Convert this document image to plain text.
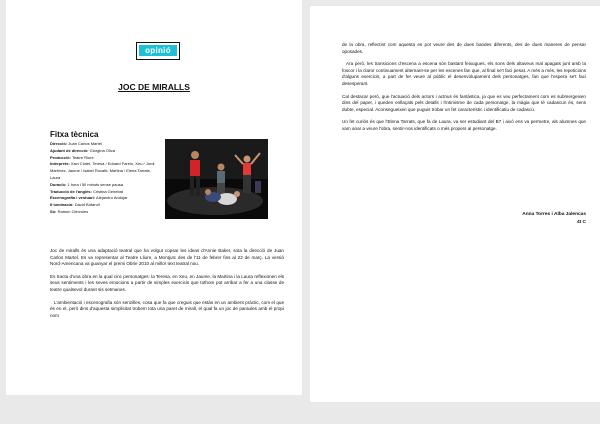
opinió
JOC DE MIRALLS
Fitxa tècnica
Direcció: Juan Carlos Martel
Ajudant de direcció: Giorgina Oliva
Producció: Teatre Riure
Intèrprets: Xavi Clotet, Teresa / Eduard Farelo, Xeu / Jordi Martínez, Jaume / Isabel Rocatti, Martina / Elena Tarrats, Laura
Duració: 1 hora i 50 minuts sense pausa
Traducció de l'anglès: Cristina Genebat
Escenografia i vestuari: Alejandro Andújar
Il·luminació: David Bofarull
So: Ramon Ciércoles

Joc de miralls és una adaptació teatral que ha volgut copsar les ideas d'Annie Baker, sota la direcció de Juan Carlos Martel. Es va representar al Teatre Lliure, a Montjuïc des de l'11 de febrer fins al 22 de març. La versió Nord-Americana va guanyar el premi Obrie 2010 al millor text teatral nou.

Es tracta d'una obra en la qual cinc personatges: la Teresa, en Xeu, en Jaume, la Martina i la Laura reflexionen els seus sentiments i les seves emocions a partir de simples exercicis que tothom pot arribar a fer a una classe de teatre qualsevol durant sis setmanes.

L'ambientació i escenografia són senzilles, cosa que fa que creguis que estàs en un ambient pràctic, com el que és en el, però dins d'aquesta simplicitat trobem tota una paret de mirall, el qual fa un joc de paraules amb el propi nom

de la obra, reflectint com aquesta es pot veure des de dues bandes diferents, des de dues maneres de pensar oposades.

Ara però, les transicions d'escena a escena són bastant feixugues, els sons dels altaveus mal apagats junt amb la foscor i la claror continuament alternant-se per les escenes fan que, al final se't faci pesat. A més a més, les repeticions d'alguns exercicis, a part de fer veure al públic el desenvolupament dels personatges, fan que l'espera se't faci desesperant.

Cal destacar però, que l'actuació dels actors i actrius és fantàstica, ja que es veu perfectament com es submergeixen dins del paper, i queden enllaçats pels detalls i l'intimisme de cada personatge, la màgia que té cadascun és, sens dubte, especial. Aconsegueixen que puguis trobar un fet característic i identificatiu de cadascú.

Un fet curiós és que l'Elena Tarrats, que fa de Laura, va ser estudiant del B7 i això ens va permetre, als alumnes que vam anar a veure l'obra, sentir-nos identificats o més propers al personatge.

Anna Torres i Alba Jalencas
4t C
